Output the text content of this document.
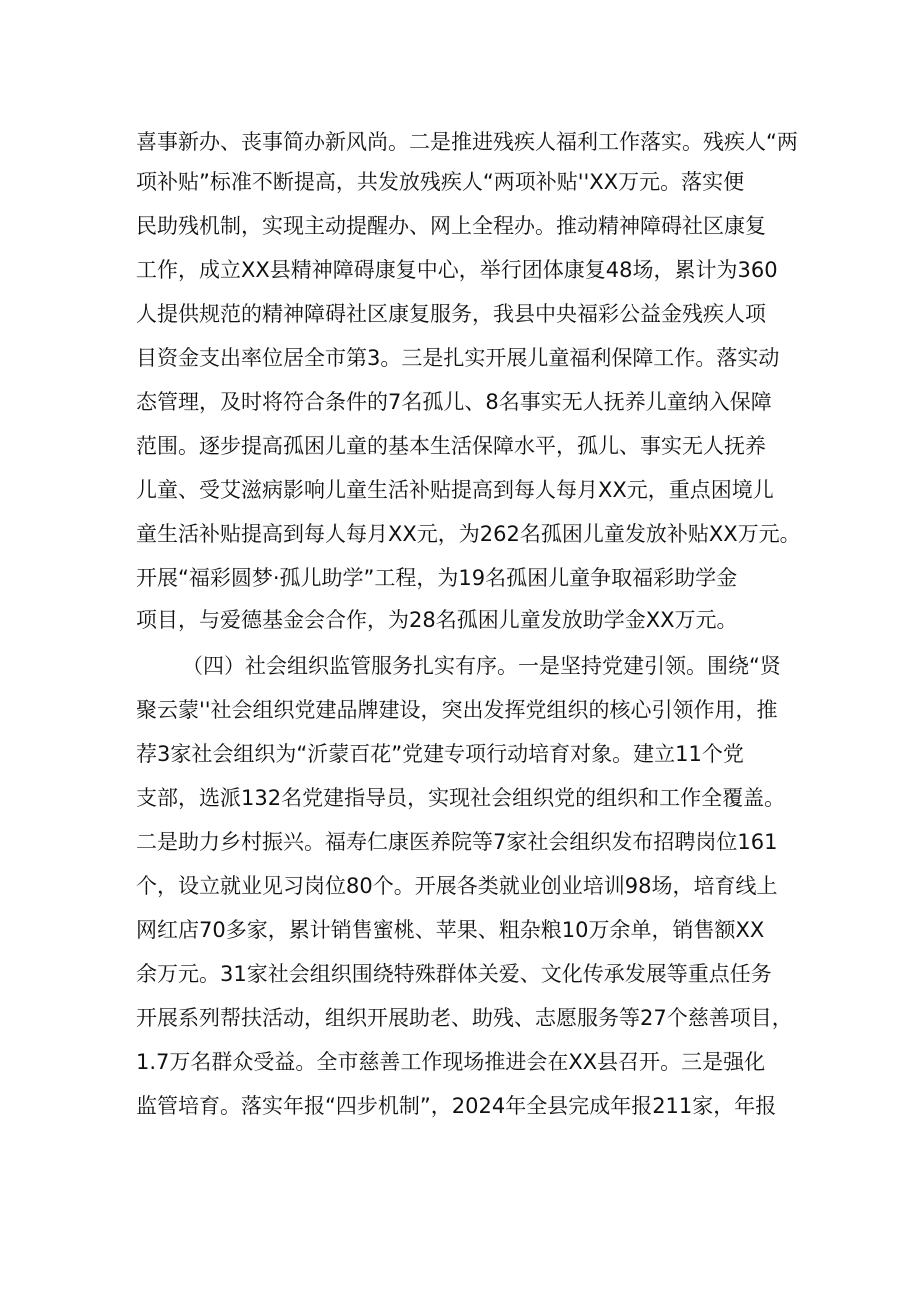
喜事新办、丧事简办新风尚。二是推进残疾人福利工作落实。残疾人“两
项补贴”标准不断提高，共发放残疾人“两项补贴''XX万元。落实便
民助残机制，实现主动提醒办、网上全程办。推动精神障碍社区康复
工作，成立XX县精神障碍康复中心，举行团体康复48场，累计为360
人提供规范的精神障碍社区康复服务，我县中央福彩公益金残疾人项
目资金支出率位居全市第3。三是扎实开展儿童福利保障工作。落实动
态管理，及时将符合条件的7名孤儿、8名事实无人抚养儿童纳入保障
范围。逐步提高孤困儿童的基本生活保障水平，孤儿、事实无人抚养
儿童、受艾滋病影响儿童生活补贴提高到每人每月XX元，重点困境儿
童生活补贴提高到每人每月XX元，为262名孤困儿童发放补贴XX万元。
开展“福彩圆梦·孤儿助学”工程，为19名孤困儿童争取福彩助学金
项目，与爱德基金会合作，为28名孤困儿童发放助学金XX万元。
（四）社会组织监管服务扎实有序。一是坚持党建引领。围绕“贤
聚云蒙''社会组织党建品牌建设，突出发挥党组织的核心引领作用，推
荐3家社会组织为“沂蒙百花”党建专项行动培育对象。建立11个党
支部，选派132名党建指导员，实现社会组织党的组织和工作全覆盖。
二是助力乡村振兴。福寿仁康医养院等7家社会组织发布招聘岗位161
个，设立就业见习岗位80个。开展各类就业创业培训98场，培育线上
网红店70多家，累计销售蜜桃、苹果、粗杂粮10万余单，销售额XX
余万元。31家社会组织围绕特殊群体关爱、文化传承发展等重点任务
开展系列帮扶活动，组织开展助老、助残、志愿服务等27个慈善项目，
1.7万名群众受益。全市慈善工作现场推进会在XX县召开。三是强化
监管培育。落实年报“四步机制”，2024年全县完成年报211家，年报
